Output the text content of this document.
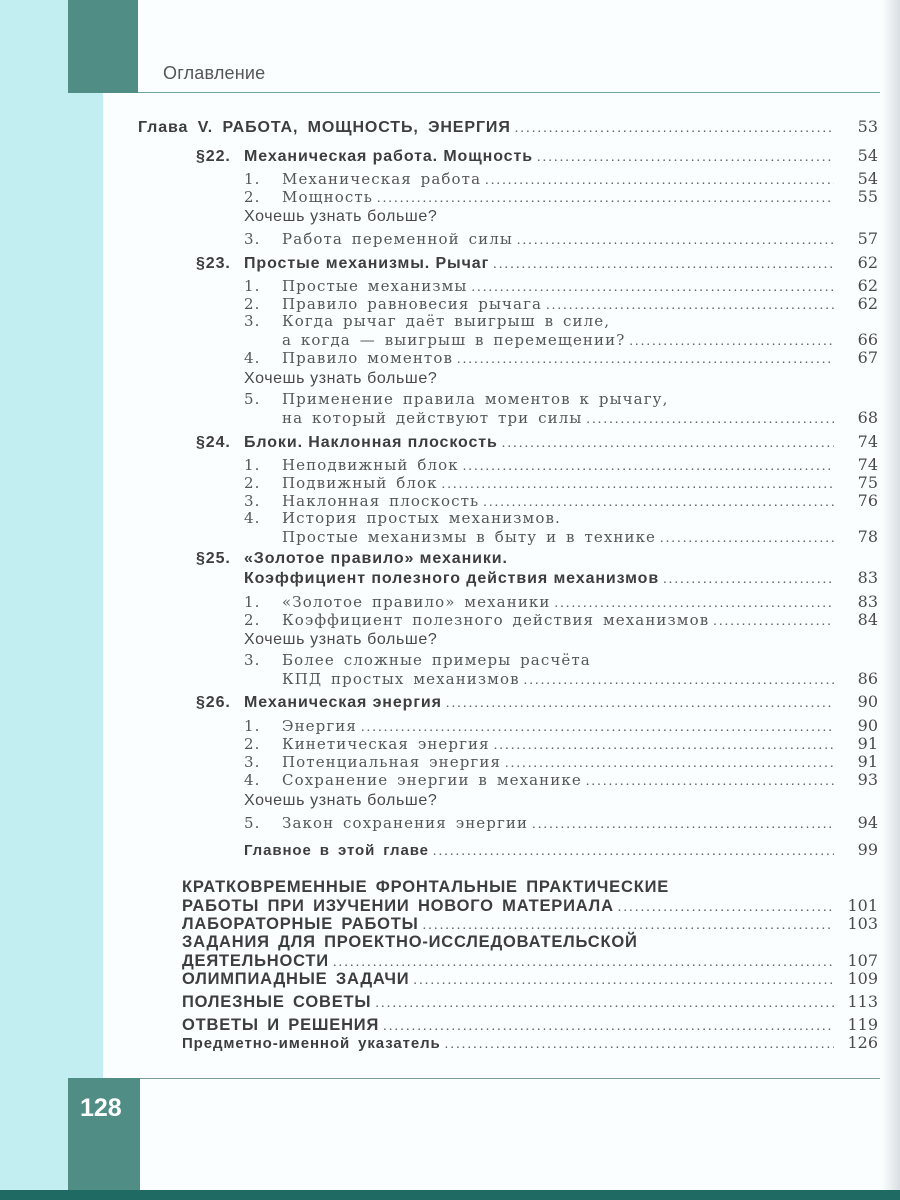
Оглавление
Глава V. РАБОТА, МОЩНОСТЬ, ЭНЕРГИЯ .....	53
§22. Механическая работа. Мощность .....	54
1. Механическая работа .....	54
2. Мощность .....	55
Хочешь узнать больше?
3. Работа переменной силы .....	57
§23. Простые механизмы. Рычаг .....	62
1. Простые механизмы .....	62
2. Правило равновесия рычага .....	62
3. Когда рычаг даёт выигрыш в силе,
а когда — выигрыш в перемещении? .....	66
4. Правило моментов .....	67
Хочешь узнать больше?
5. Применение правила моментов к рычагу,
на который действуют три силы .....	68
§24. Блоки. Наклонная плоскость .....	74
1. Неподвижный блок .....	74
2. Подвижный блок .....	75
3. Наклонная плоскость .....	76
4. История простых механизмов.
Простые механизмы в быту и в технике .....	78
§25. «Золотое правило» механики.
Коэффициент полезного действия механизмов .....	83
1. «Золотое правило» механики .....	83
2. Коэффициент полезного действия механизмов .....	84
Хочешь узнать больше?
3. Более сложные примеры расчёта
КПД простых механизмов .....	86
§26. Механическая энергия .....	90
1. Энергия .....	90
2. Кинетическая энергия .....	91
3. Потенциальная энергия .....	91
4. Сохранение энергии в механике .....	93
Хочешь узнать больше?
5. Закон сохранения энергии .....	94
Главное в этой главе .....	99
КРАТКОВРЕМЕННЫЕ ФРОНТАЛЬНЫЕ ПРАКТИЧЕСКИЕ
РАБОТЫ ПРИ ИЗУЧЕНИИ НОВОГО МАТЕРИАЛА .....	101
ЛАБОРАТОРНЫЕ РАБОТЫ .....	103
ЗАДАНИЯ ДЛЯ ПРОЕКТНО-ИССЛЕДОВАТЕЛЬСКОЙ
ДЕЯТЕЛЬНОСТИ .....	107
ОЛИМПИАДНЫЕ ЗАДАЧИ .....	109
ПОЛЕЗНЫЕ СОВЕТЫ .....	113
ОТВЕТЫ И РЕШЕНИЯ .....	119
Предметно-именной указатель .....	126
128
